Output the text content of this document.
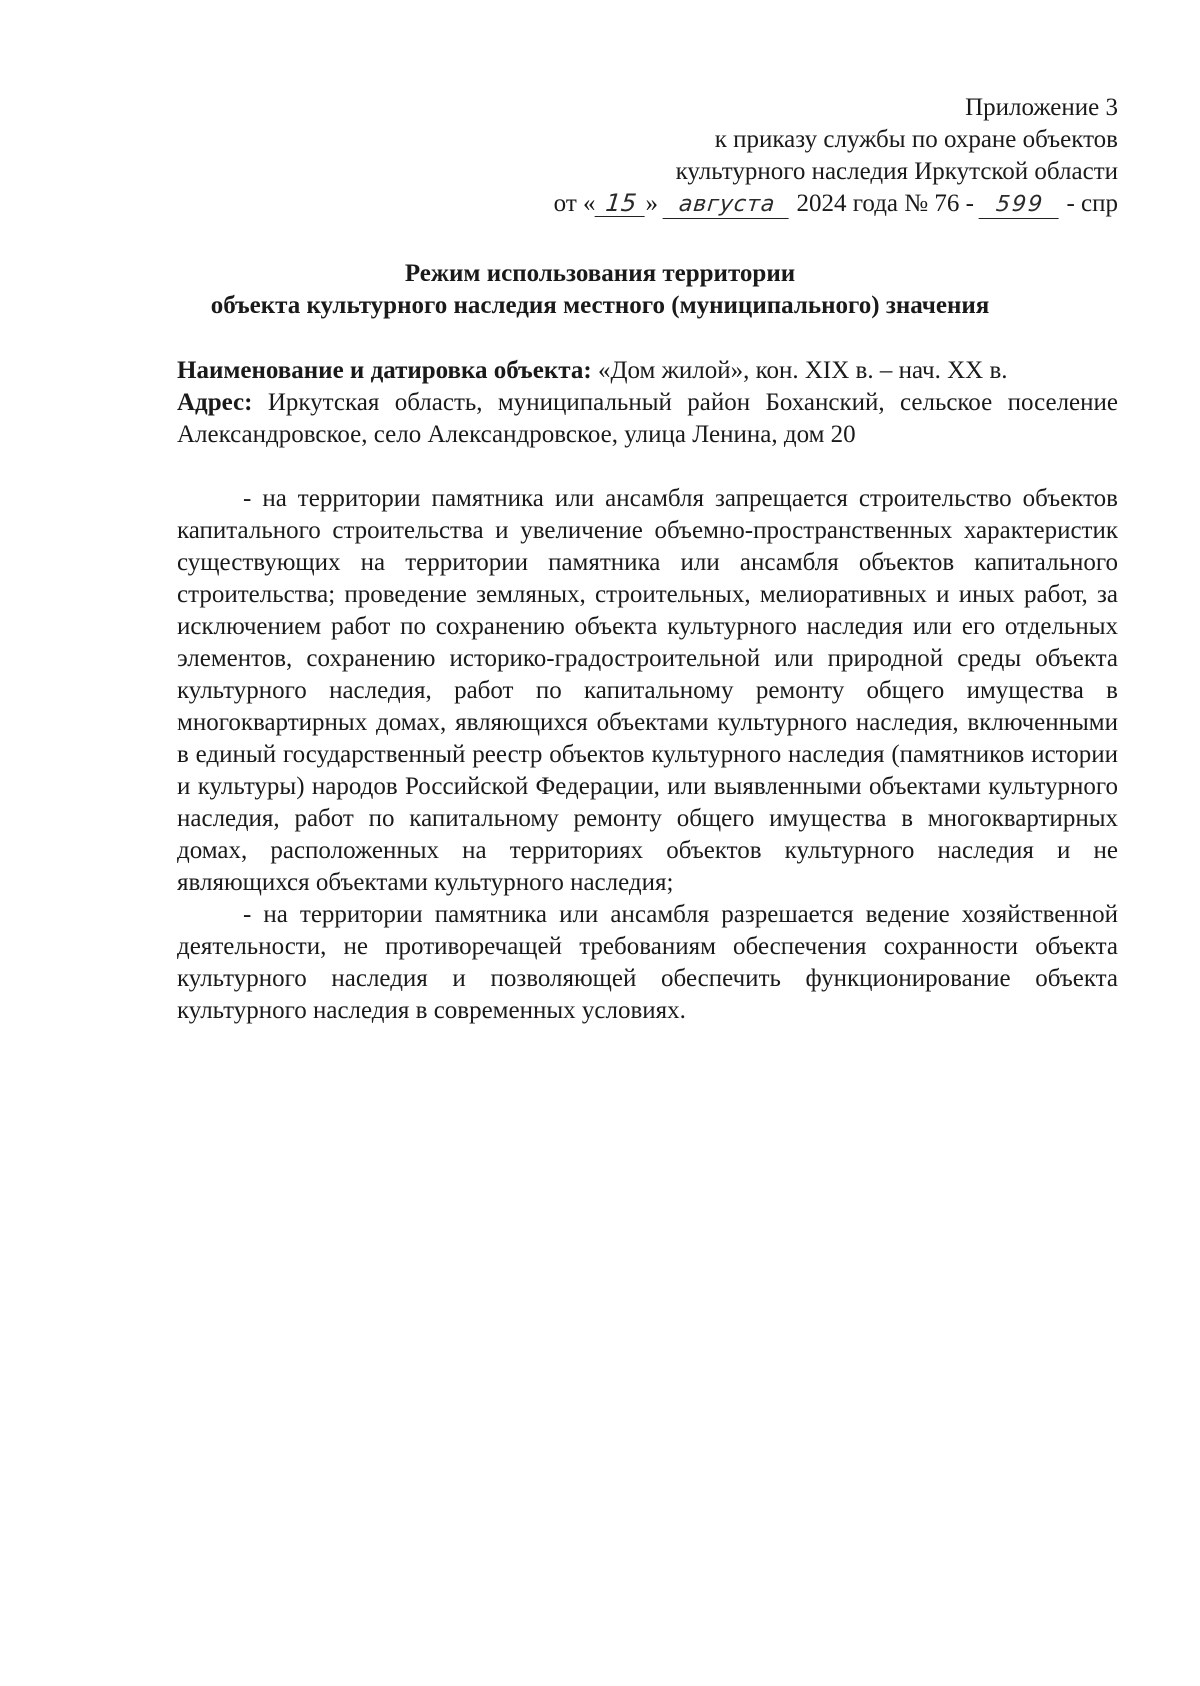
Приложение 3
к приказу службы по охране объектов
культурного наследия Иркутской области
от « 15 » августа 2024 года № 76 - 599 - спр
Режим использования территории
объекта культурного наследия местного (муниципального) значения

Наименование и датировка объекта: «Дом жилой», кон. XIX в. – нач. XX в.

Адрес: Иркутская область, муниципальный район Боханский, сельское поселение Александровское, село Александровское, улица Ленина, дом 20

- на территории памятника или ансамбля запрещается строительство объектов капитального строительства и увеличение объемно-пространственных характеристик существующих на территории памятника или ансамбля объектов капитального строительства; проведение земляных, строительных, мелиоративных и иных работ, за исключением работ по сохранению объекта культурного наследия или его отдельных элементов, сохранению историко-градостроительной или природной среды объекта культурного наследия, работ по капитальному ремонту общего имущества в многоквартирных домах, являющихся объектами культурного наследия, включенными в единый государственный реестр объектов культурного наследия (памятников истории и культуры) народов Российской Федерации, или выявленными объектами культурного наследия, работ по капитальному ремонту общего имущества в многоквартирных домах, расположенных на территориях объектов культурного наследия и не являющихся объектами культурного наследия;

- на территории памятника или ансамбля разрешается ведение хозяйственной деятельности, не противоречащей требованиям обеспечения сохранности объекта культурного наследия и позволяющей обеспечить функционирование объекта культурного наследия в современных условиях.
